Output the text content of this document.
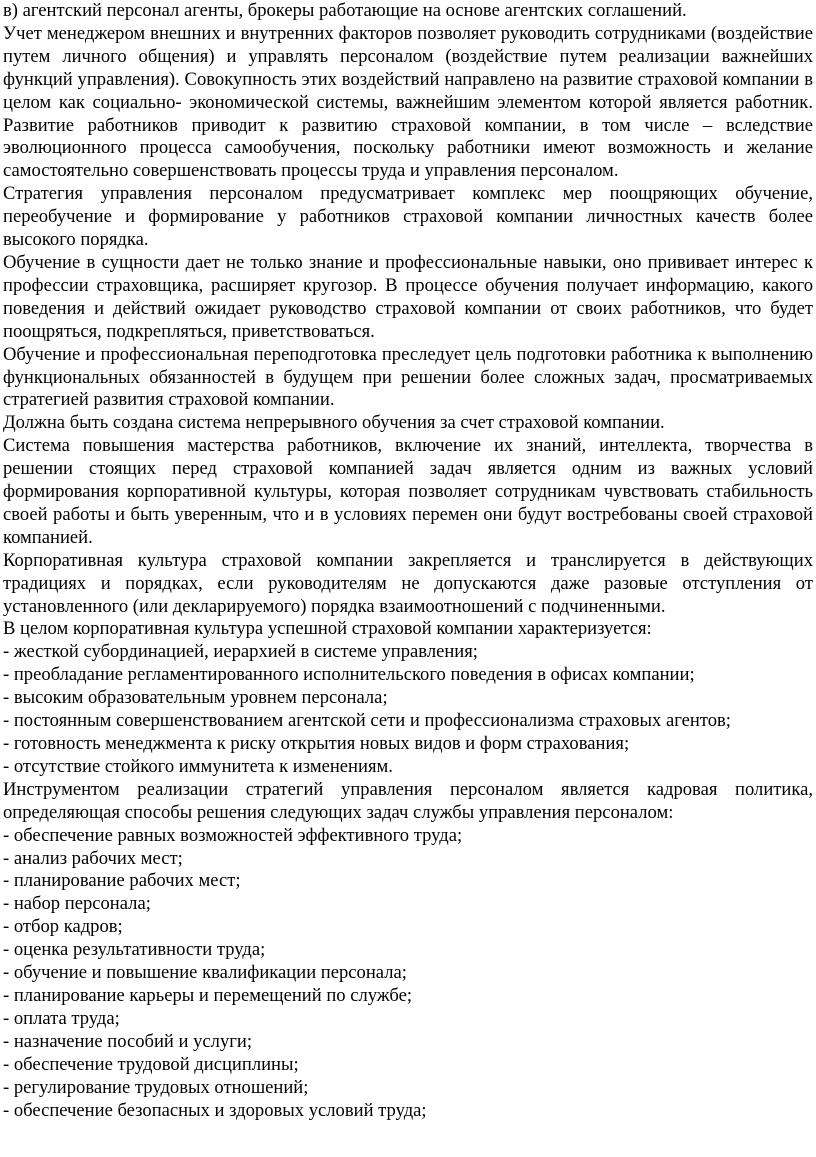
в) агентский персонал агенты, брокеры работающие на основе агентских соглашений.

Учет менеджером внешних и внутренних факторов позволяет руководить сотрудниками (воздействие путем личного общения) и управлять персоналом (воздействие путем реализации важнейших функций управления). Совокупность этих воздействий направлено на развитие страховой компании в целом как социально- экономической системы, важнейшим элементом которой является работник. Развитие работников приводит к развитию страховой компании, в том числе – вследствие эволюционного процесса самообучения, поскольку работники имеют возможность и желание самостоятельно совершенствовать процессы труда и управления персоналом.

Стратегия управления персоналом предусматривает комплекс мер поощряющих обучение, переобучение и формирование у работников страховой компании личностных качеств более высокого порядка.

Обучение в сущности дает не только знание и профессиональные навыки, оно прививает интерес к профессии страховщика, расширяет кругозор. В процессе обучения получает информацию, какого поведения и действий ожидает руководство страховой компании от своих работников, что будет поощряться, подкрепляться, приветствоваться.

Обучение и профессиональная переподготовка преследует цель подготовки работника к выполнению функциональных обязанностей в будущем при решении более сложных задач, просматриваемых стратегией развития страховой компании.

Должна быть создана система непрерывного обучения за счет страховой компании.

Система повышения мастерства работников, включение их знаний, интеллекта, творчества в решении стоящих перед страховой компанией задач является одним из важных условий формирования корпоративной культуры, которая позволяет сотрудникам чувствовать стабильность своей работы и быть уверенным, что и в условиях перемен они будут востребованы своей страховой компанией.

Корпоративная культура страховой компании закрепляется и транслируется в действующих традициях и порядках, если руководителям не допускаются даже разовые отступления от установленного (или декларируемого) порядка взаимоотношений с подчиненными.

В целом корпоративная культура успешной страховой компании характеризуется:

- жесткой субординацией, иерархией в системе управления;
- преобладание регламентированного исполнительского поведения в офисах компании;
- высоким образовательным уровнем персонала;
- постоянным совершенствованием агентской сети и профессионализма страховых агентов;
- готовность менеджмента к риску открытия новых видов и форм страхования;
- отсутствие стойкого иммунитета к изменениям.

Инструментом реализации стратегий управления персоналом является кадровая политика, определяющая способы решения следующих задач службы управления персоналом:

- обеспечение равных возможностей эффективного труда;
- анализ рабочих мест;
- планирование рабочих мест;
- набор персонала;
- отбор кадров;
- оценка результативности труда;
- обучение и повышение квалификации персонала;
- планирование карьеры и перемещений по службе;
- оплата труда;
- назначение пособий и услуги;
- обеспечение трудовой дисциплины;
- регулирование трудовых отношений;
- обеспечение безопасных и здоровых условий труда;
